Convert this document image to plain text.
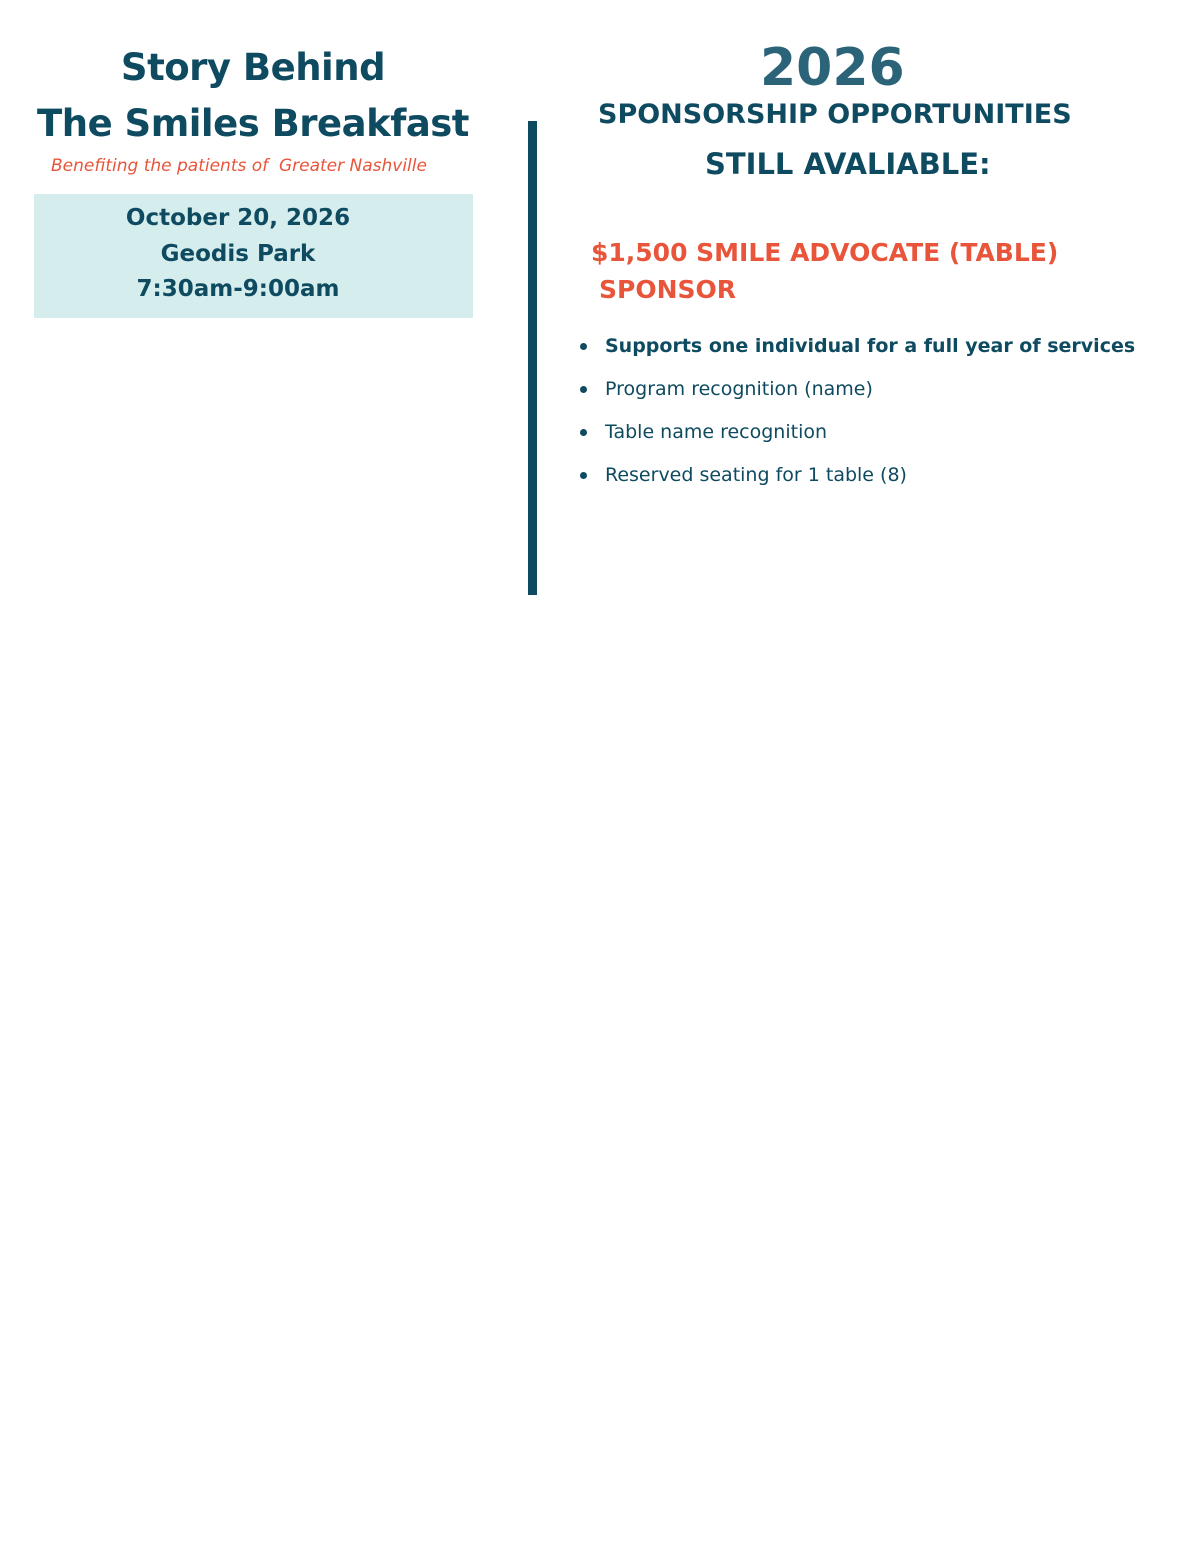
Story Behind
The Smiles Breakfast
Benefiting the patients of  Greater Nashville
October 20, 2026
Geodis Park
7:30am-9:00am
2026
SPONSORSHIP OPPORTUNITIES
STILL AVALIABLE:
$1,500 SMILE ADVOCATE (TABLE)
SPONSOR
Supports one individual for a full year of services
Program recognition (name)
Table name recognition
Reserved seating for 1 table (8)
